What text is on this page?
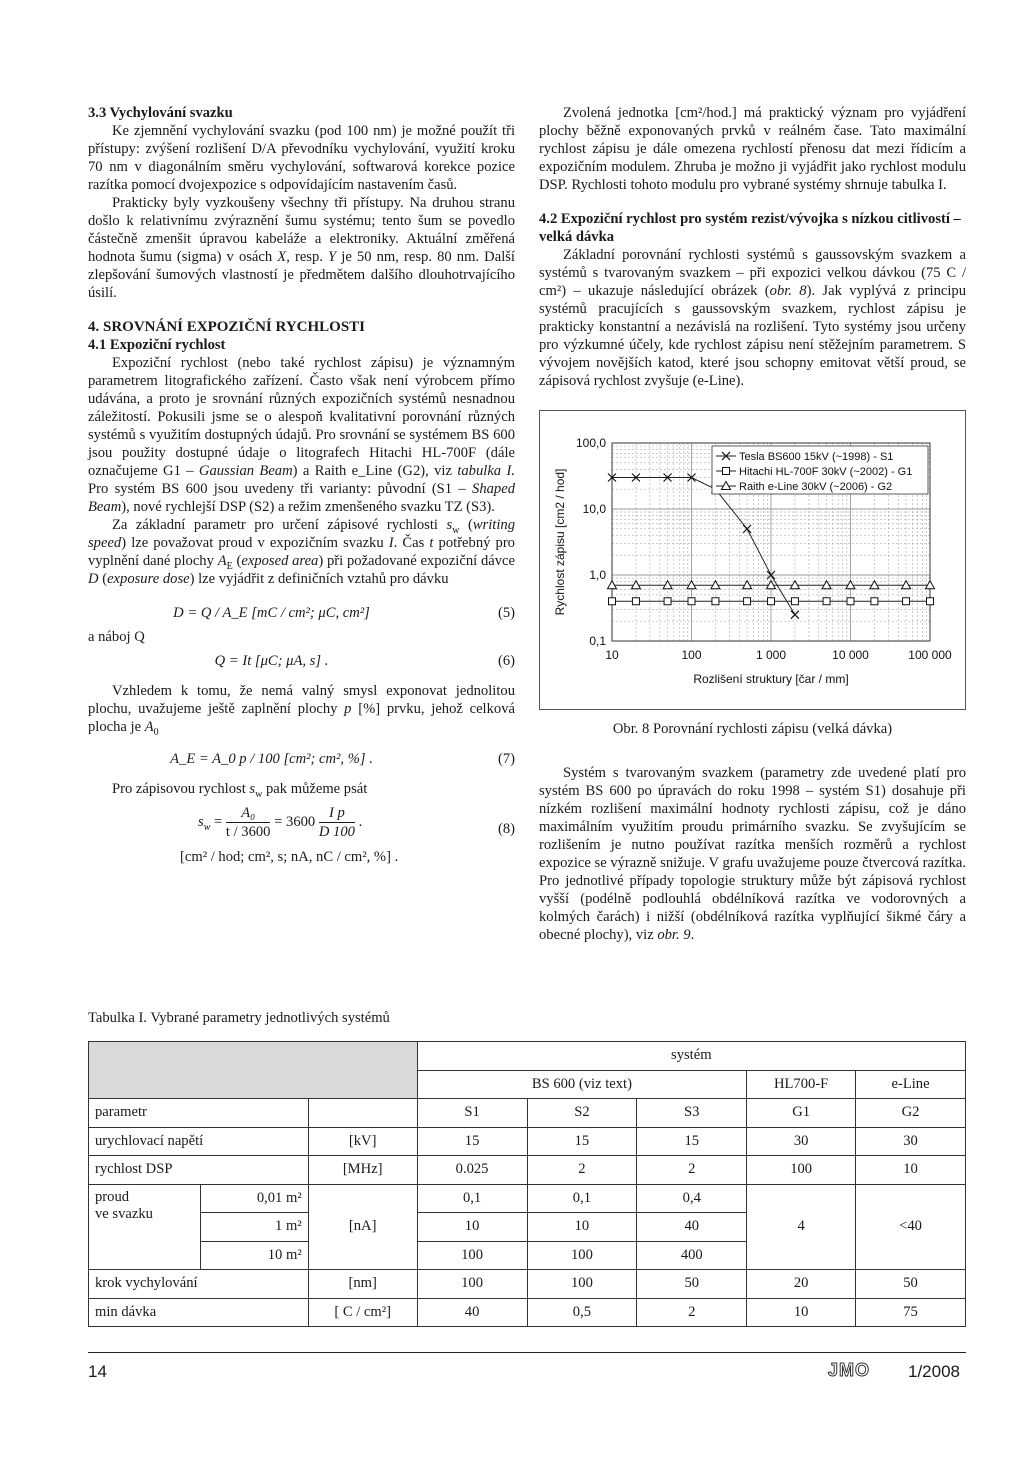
3.3 Vychylování svazku

Ke zjemnění vychylování svazku (pod 100 nm) je možné použít tři přístupy: zvýšení rozlišení D/A převodníku vychylování, využití kroku 70 nm v diagonálním směru vychylování, softwarová korekce pozice razítka pomocí dvojexpozice s odpovídajícím nastavením časů.

Prakticky byly vyzkoušeny všechny tři přístupy. Na druhou stranu došlo k relativnímu zvýraznění šumu systému; tento šum se povedlo částečně zmenšit úpravou kabeláže a elektroniky. Aktuální změřená hodnota šumu (sigma) v osách X, resp. Y je 50 nm, resp. 80 nm. Další zlepšování šumových vlastností je předmětem dalšího dlouhotrvajícího úsilí.

4. SROVNÁNÍ EXPOZIČNÍ RYCHLOSTI
4.1 Expoziční rychlost

Expoziční rychlost (nebo také rychlost zápisu) je významným parametrem litografického zařízení. Často však není výrobcem přímo udávána, a proto je srovnání různých expozičních systémů nesnadnou záležitostí. Pokusili jsme se o alespoň kvalitativní porovnání různých systémů s využitím dostupných údajů. Pro srovnání se systémem BS 600 jsou použity dostupné údaje o litografech Hitachi HL-700F (dále označujeme G1 – Gaussian Beam) a Raith e_Line (G2), viz tabulka I. Pro systém BS 600 jsou uvedeny tři varianty: původní (S1 – Shaped Beam), nové rychlejší DSP (S2) a režim zmenšeného svazku TZ (S3).

Za základní parametr pro určení zápisové rychlosti $s_w$ (writing speed) lze považovat proud v expozičním svazku I. Čas t potřebný pro vyplnění dané plochy $A_E$ (exposed area) při požadované expoziční dávce D (exposure dose) lze vyjádřit z definičních vztahů pro dávku

D = Q / A_E [mC / cm²; μC, cm²]	(5)

a náboj Q

Q = It [μC; μA, s] .	(6)

Vzhledem k tomu, že nemá valný smysl exponovat jednolitou plochu, uvažujeme ještě zaplnění plochy p [%] prvku, jehož celková plocha je $A_0$

A_E = A_0 p / 100 [cm²; cm², %] .	(7)

Pro zápisovou rychlost $s_w$ pak můžeme psát

$s_w = \frac{\text{A₀}}{t / 3600} = 3600 \frac{\text{I p}}{D 100}$ .
[cm² / hod; cm², s; nA, nC / cm², %] .
(8)

Zvolená jednotka [cm²/hod.] má praktický význam pro vyjádření plochy běžně exponovaných prvků v reálném čase. Tato maximální rychlost zápisu je dále omezena rychlostí přenosu dat mezi řídicím a expozičním modulem. Zhruba je možno ji vyjádřit jako rychlost modulu DSP. Rychlosti tohoto modulu pro vybrané systémy shrnuje tabulka I.

4.2 Expoziční rychlost pro systém rezist/vývojka s nízkou citlivostí – velká dávka

Základní porovnání rychlosti systémů s gaussovským svazkem a systémů s tvarovaným svazkem – při expozici velkou dávkou (75 C / cm²) – ukazuje následující obrázek (obr. 8). Jak vyplývá z principu systémů pracujících s gaussovským svazkem, rychlost zápisu je prakticky konstantní a nezávislá na rozlišení. Tyto systémy jsou určeny pro výzkumné účely, kde rychlost zápisu není stěžejním parametrem. S vývojem novějších katod, které jsou schopny emitovat větší proud, se zápisová rychlost zvyšuje (e-Line).

10	100	1 000	10 000	100 000
0,1
1,0
10,0
100,0
Rozlišení struktury [čar / mm]
Rychlost zápisu [cm2 / hod]
Tesla BS600 15kV (~1998) - S1
Hitachi HL-700F 30kV (~2002) - G1
Raith e-Line 30kV (~2006) - G2
Obr. 8 Porovnání rychlosti zápisu (velká dávka)

Systém s tvarovaným svazkem (parametry zde uvedené platí pro systém BS 600 po úpravách do roku 1998 – systém S1) dosahuje při nízkém rozlišení maximální hodnoty rychlosti zápisu, což je dáno maximálním využitím proudu primárního svazku. Se zvyšujícím se rozlišením je nutno používat razítka menších rozměrů a rychlost expozice se výrazně snižuje. V grafu uvažujeme pouze čtvercová razítka. Pro jednotlivé případy topologie struktury může být zápisová rychlost vyšší (podélně podlouhlá obdélníková razítka ve vodorovných a kolmých čarách) i nižší (obdélníková razítka vyplňující šikmé čáry a obecné plochy), viz obr. 9.

Tabulka I. Vybrané parametry jednotlivých systémů
			systém				
			BS 600 (viz text)			HL700-F	e-Line
parametr			S1	S2	S3	G1	G2
urychlovací napětí		[kV]	15	15	15	30	30
rychlost DSP		[MHz]	0.025	2	2	100	10
proud
ve svazku	0,01 m²	[nA]	0,1	0,1	0,4	4	<40
	1 m²		10	10	40		
	10 m²		100	100	400		
krok vychylování		[nm]	100	100	50	20	50
min dávka		[ C / cm²]	40	0,5	2	10	75
14	JMO 1/2008
